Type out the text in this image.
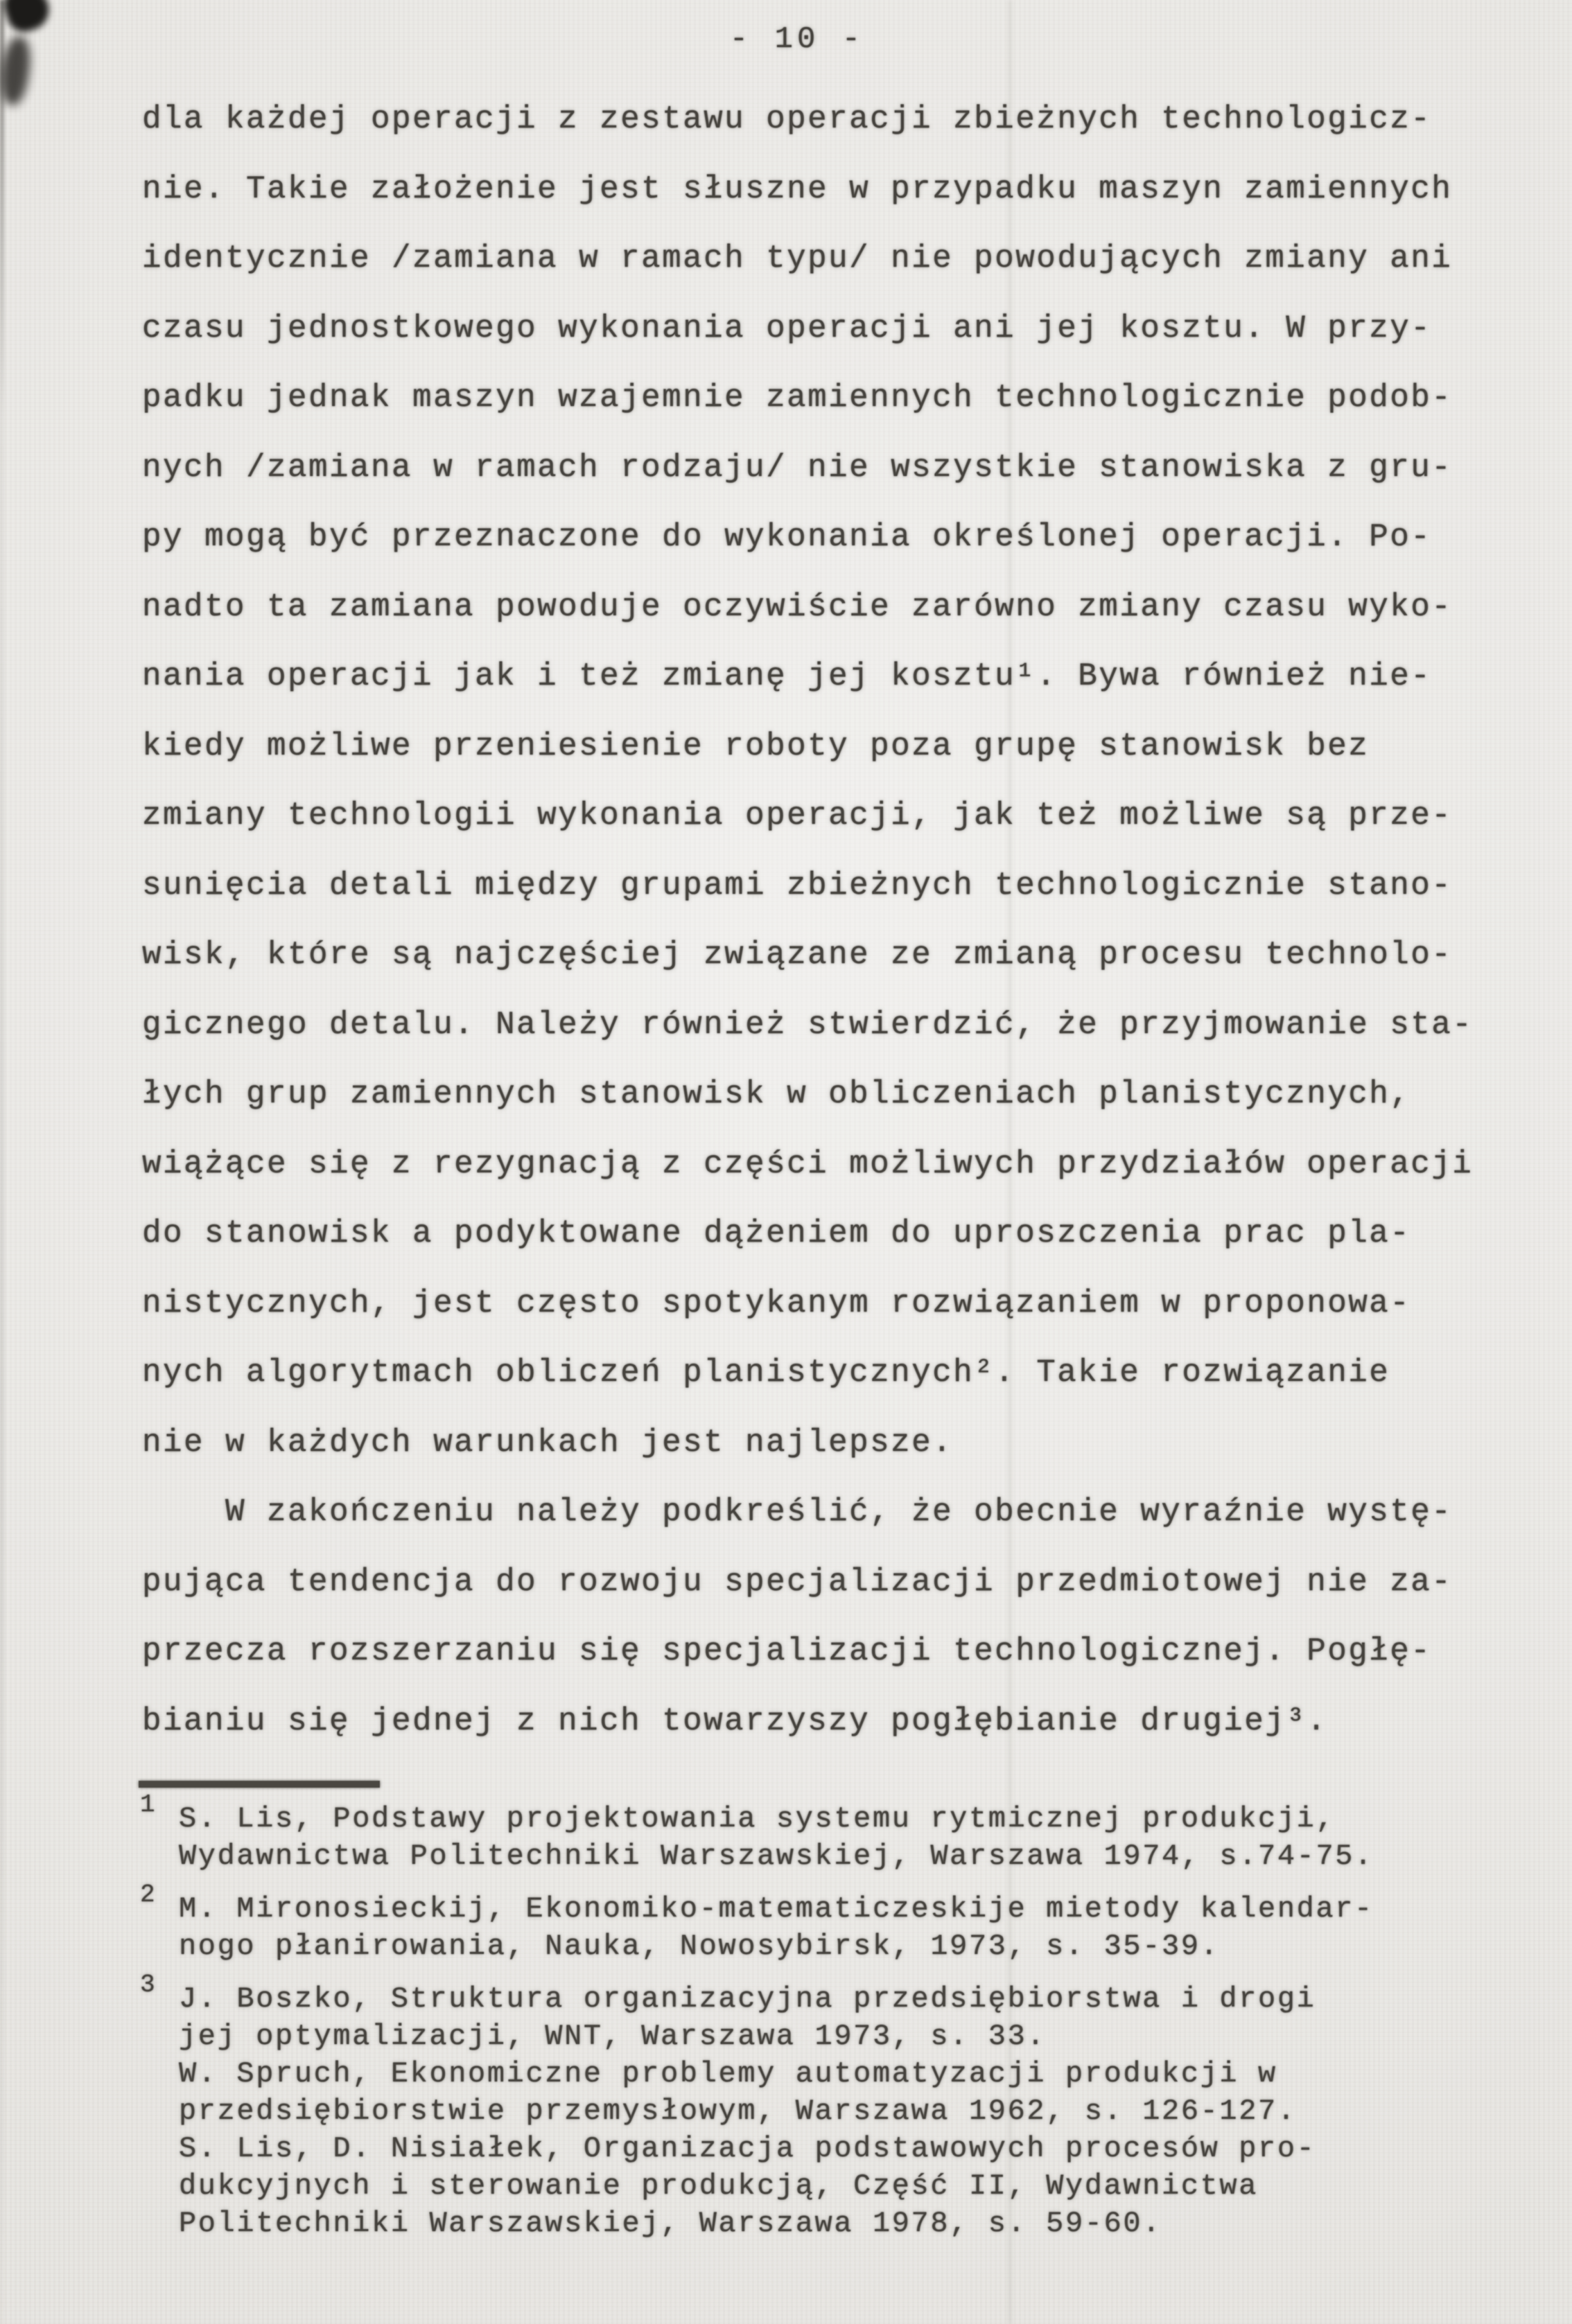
- 10 -
dla każdej operacji z zestawu operacji zbieżnych technologicz-
nie. Takie założenie jest słuszne w przypadku maszyn zamiennych
identycznie /zamiana w ramach typu/ nie powodujących zmiany ani
czasu jednostkowego wykonania operacji ani jej kosztu. W przy-
padku jednak maszyn wzajemnie zamiennych technologicznie podob-
nych /zamiana w ramach rodzaju/ nie wszystkie stanowiska z gru-
py mogą być przeznaczone do wykonania określonej operacji. Po-
nadto ta zamiana powoduje oczywiście zarówno zmiany czasu wyko-
nania operacji jak i też zmianę jej kosztu¹. Bywa również nie-
kiedy możliwe przeniesienie roboty poza grupę stanowisk bez
zmiany technologii wykonania operacji, jak też możliwe są prze-
sunięcia detali między grupami zbieżnych technologicznie stano-
wisk, które są najczęściej związane ze zmianą procesu technolo-
gicznego detalu. Należy również stwierdzić, że przyjmowanie sta-
łych grup zamiennych stanowisk w obliczeniach planistycznych,
wiążące się z rezygnacją z części możliwych przydziałów operacji
do stanowisk a podyktowane dążeniem do uproszczenia prac pla-
nistycznych, jest często spotykanym rozwiązaniem w proponowa-
nych algorytmach obliczeń planistycznych². Takie rozwiązanie
nie w każdych warunkach jest najlepsze.
W zakończeniu należy podkreślić, że obecnie wyraźnie wystę-
pująca tendencja do rozwoju specjalizacji przedmiotowej nie za-
przecza rozszerzaniu się specjalizacji technologicznej. Pogłę-
bianiu się jednej z nich towarzyszy pogłębianie drugiej³.
1 S. Lis, Podstawy projektowania systemu rytmicznej produkcji,
Wydawnictwa Politechniki Warszawskiej, Warszawa 1974, s.74-75.
2 M. Mironosieckij, Ekonomiko-matematiczeskije mietody kalendar-
nogo płanirowania, Nauka, Nowosybirsk, 1973, s. 35-39.
3 J. Boszko, Struktura organizacyjna przedsiębiorstwa i drogi
jej optymalizacji, WNT, Warszawa 1973, s. 33.
W. Spruch, Ekonomiczne problemy automatyzacji produkcji w
przedsiębiorstwie przemysłowym, Warszawa 1962, s. 126-127.
S. Lis, D. Nisiałek, Organizacja podstawowych procesów pro-
dukcyjnych i sterowanie produkcją, Część II, Wydawnictwa
Politechniki Warszawskiej, Warszawa 1978, s. 59-60.
